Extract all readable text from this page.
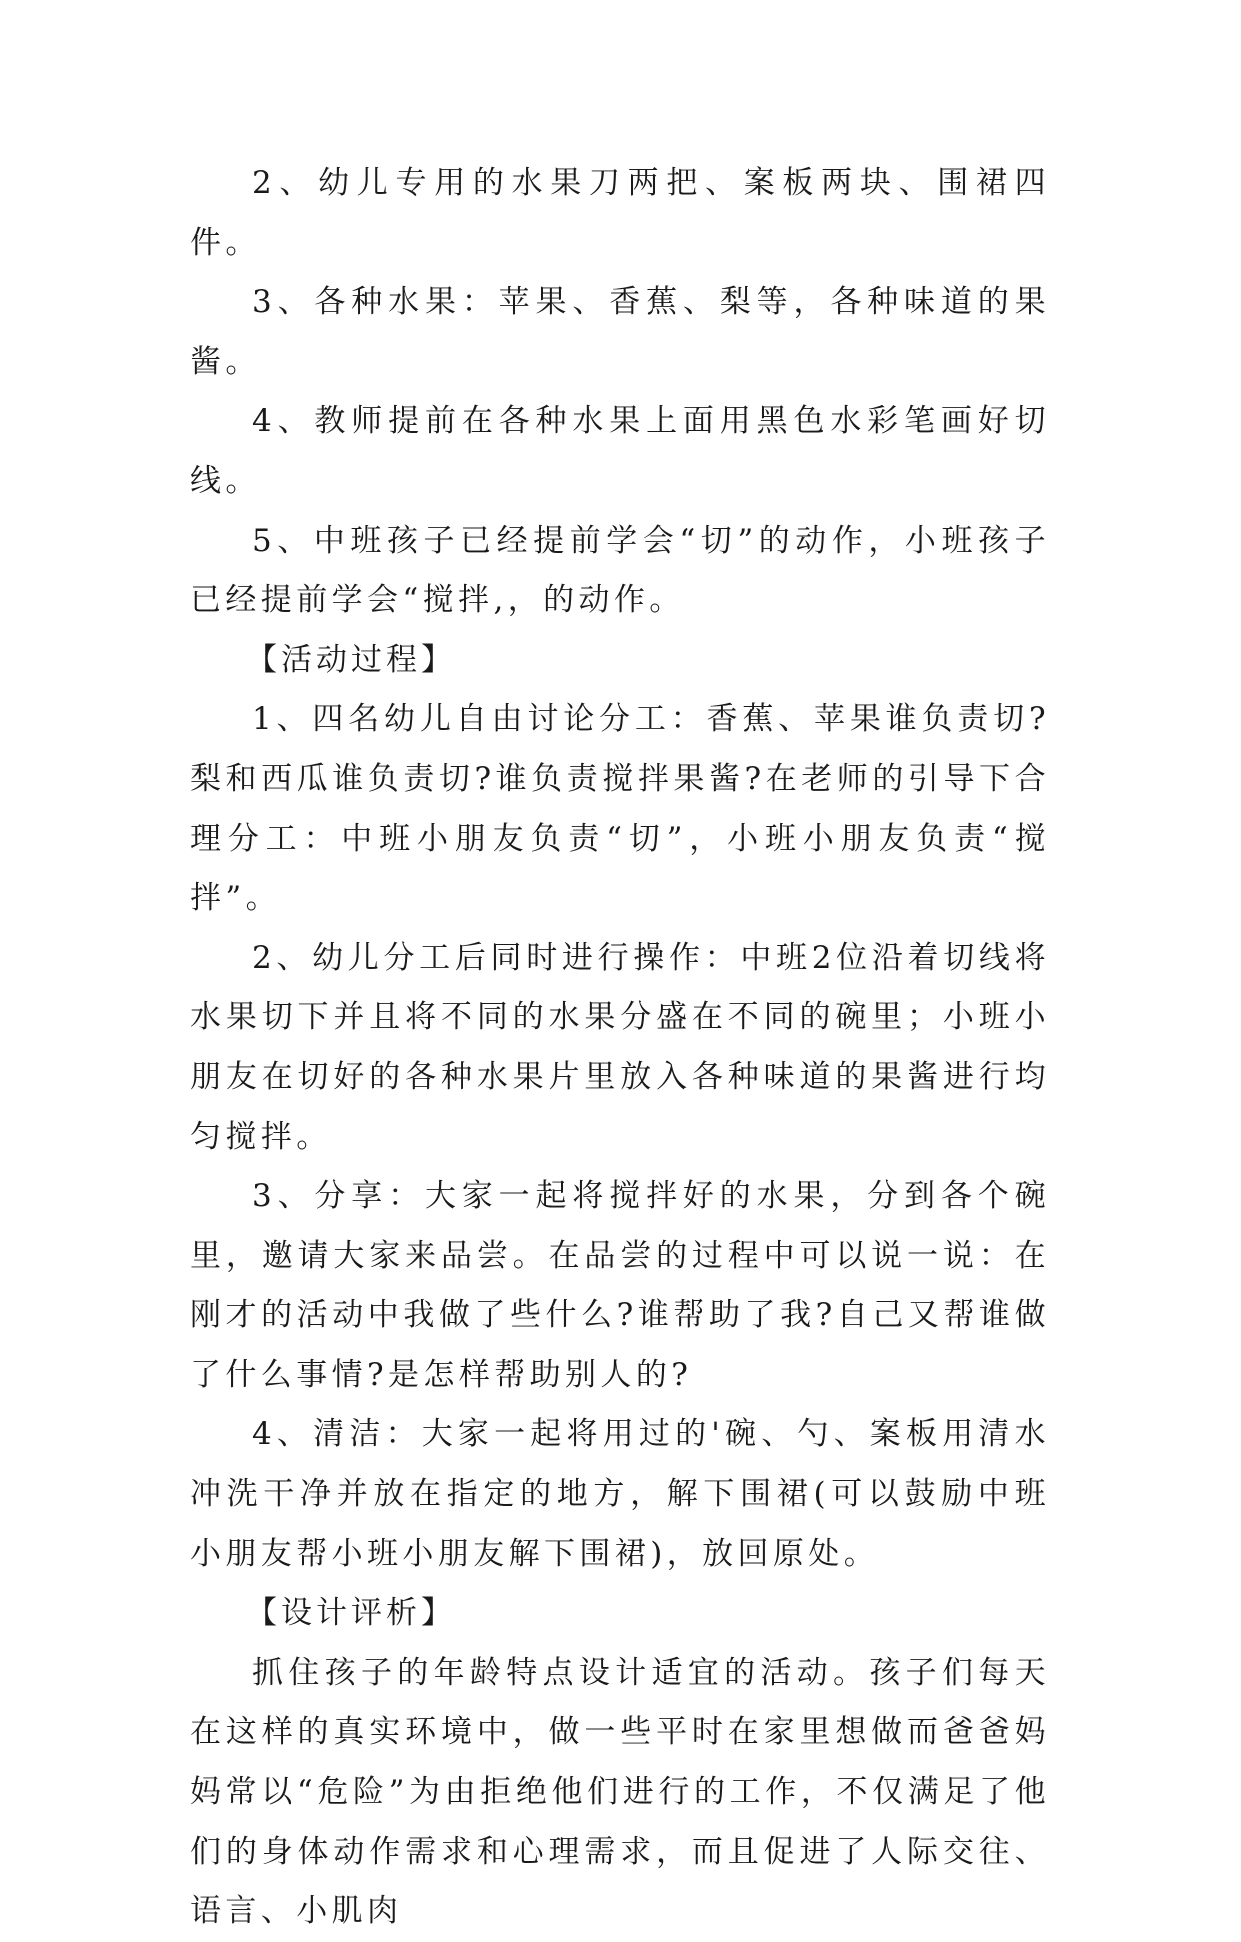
2、幼儿专用的水果刀两把、案板两块、围裙四件。

3、各种水果：苹果、香蕉、梨等，各种味道的果酱。

4、教师提前在各种水果上面用黑色水彩笔画好切线。

5、中班孩子已经提前学会“切”的动作，小班孩子已经提前学会“搅拌,，的动作。

【活动过程】

1、四名幼儿自由讨论分工：香蕉、苹果谁负责切?梨和西瓜谁负责切?谁负责搅拌果酱?在老师的引导下合理分工：中班小朋友负责“切”，小班小朋友负责“搅拌”。

2、幼儿分工后同时进行操作：中班2位沿着切线将水果切下并且将不同的水果分盛在不同的碗里；小班小朋友在切好的各种水果片里放入各种味道的果酱进行均匀搅拌。

3、分享：大家一起将搅拌好的水果，分到各个碗里，邀请大家来品尝。在品尝的过程中可以说一说：在刚才的活动中我做了些什么?谁帮助了我?自己又帮谁做了什么事情?是怎样帮助别人的?

4、清洁：大家一起将用过的'碗、勺、案板用清水冲洗干净并放在指定的地方，解下围裙(可以鼓励中班小朋友帮小班小朋友解下围裙)，放回原处。

【设计评析】

抓住孩子的年龄特点设计适宜的活动。孩子们每天在这样的真实环境中，做一些平时在家里想做而爸爸妈妈常以“危险”为由拒绝他们进行的工作，不仅满足了他们的身体动作需求和心理需求，而且促进了人际交往、语言、小肌肉
